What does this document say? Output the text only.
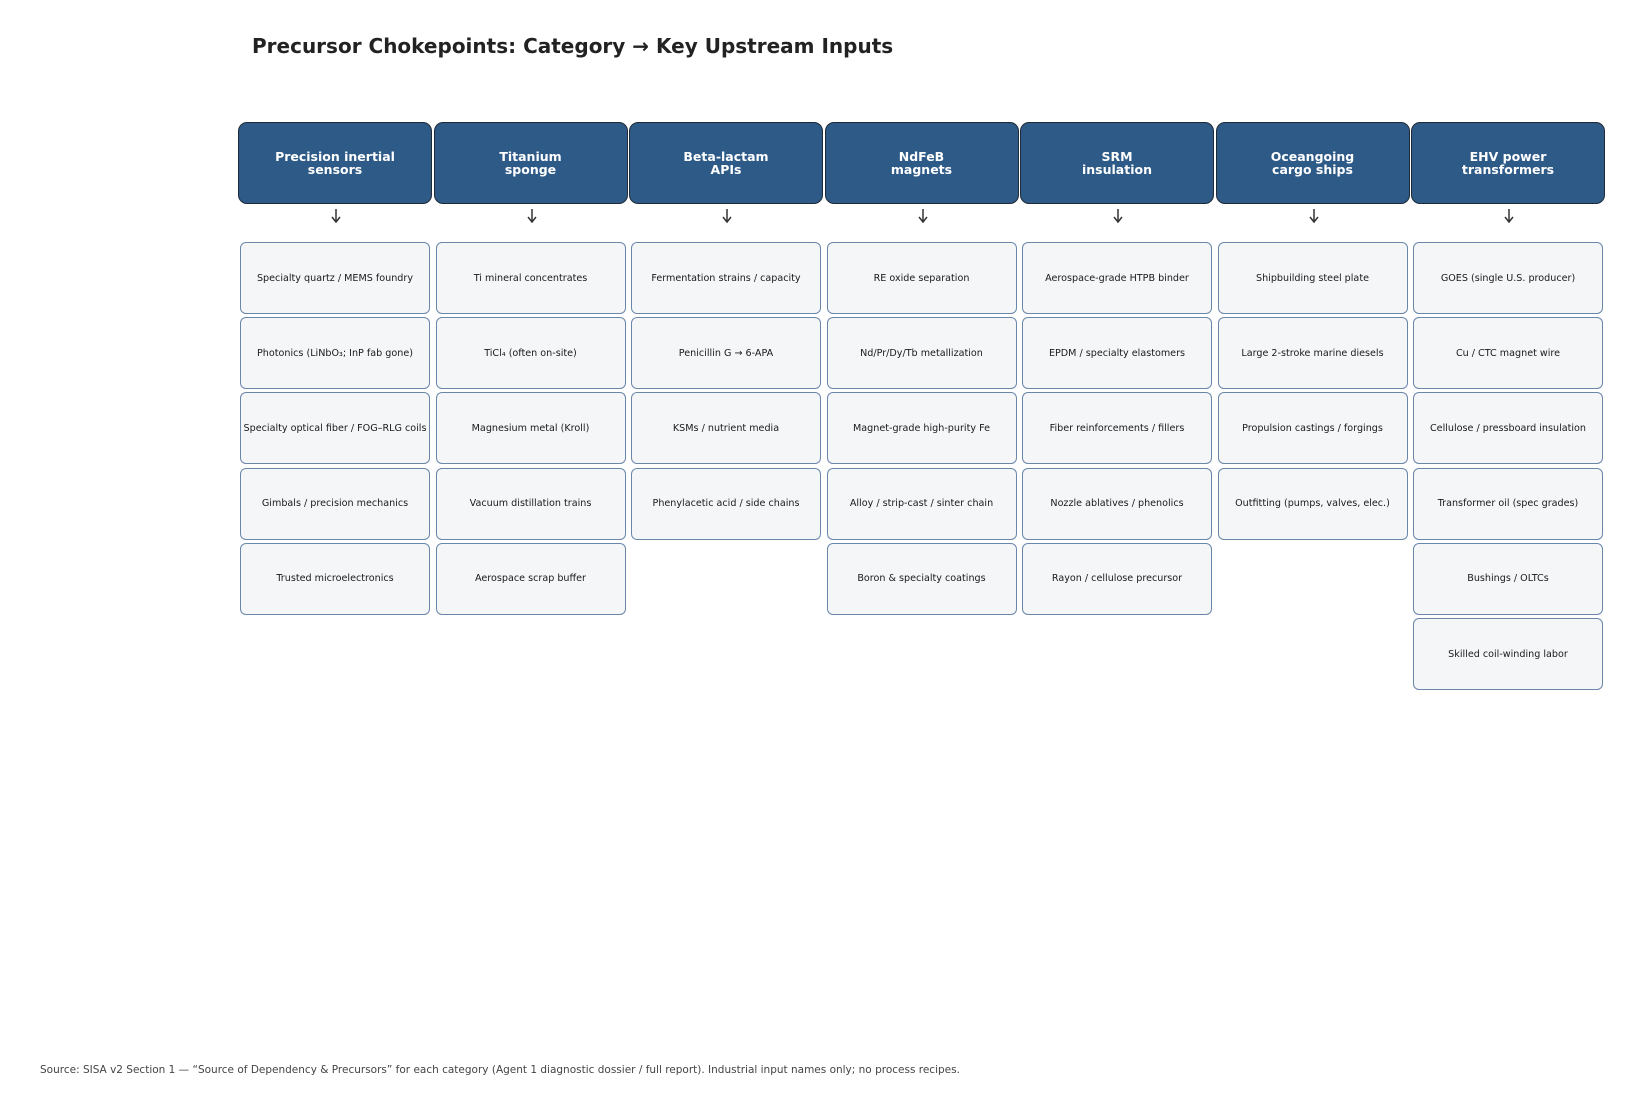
Precursor Chokepoints: Category → Key Upstream Inputs
Precision inertial
sensors
Specialty quartz / MEMS foundry
Photonics (LiNbO₃; InP fab gone)
Specialty optical fiber / FOG–RLG coils
Gimbals / precision mechanics
Trusted microelectronics
Titanium
sponge
Ti mineral concentrates
TiCl₄ (often on-site)
Magnesium metal (Kroll)
Vacuum distillation trains
Aerospace scrap buffer
Beta-lactam
APIs
Fermentation strains / capacity
Penicillin G → 6-APA
KSMs / nutrient media
Phenylacetic acid / side chains
NdFeB
magnets
RE oxide separation
Nd/Pr/Dy/Tb metallization
Magnet-grade high-purity Fe
Alloy / strip-cast / sinter chain
Boron & specialty coatings
SRM
insulation
Aerospace-grade HTPB binder
EPDM / specialty elastomers
Fiber reinforcements / fillers
Nozzle ablatives / phenolics
Rayon / cellulose precursor
Oceangoing
cargo ships
Shipbuilding steel plate
Large 2-stroke marine diesels
Propulsion castings / forgings
Outfitting (pumps, valves, elec.)
EHV power
transformers
GOES (single U.S. producer)
Cu / CTC magnet wire
Cellulose / pressboard insulation
Transformer oil (spec grades)
Bushings / OLTCs
Skilled coil-winding labor
Source: SISA v2 Section 1 — “Source of Dependency & Precursors” for each category (Agent 1 diagnostic dossier / full report). Industrial input names only; no process recipes.
